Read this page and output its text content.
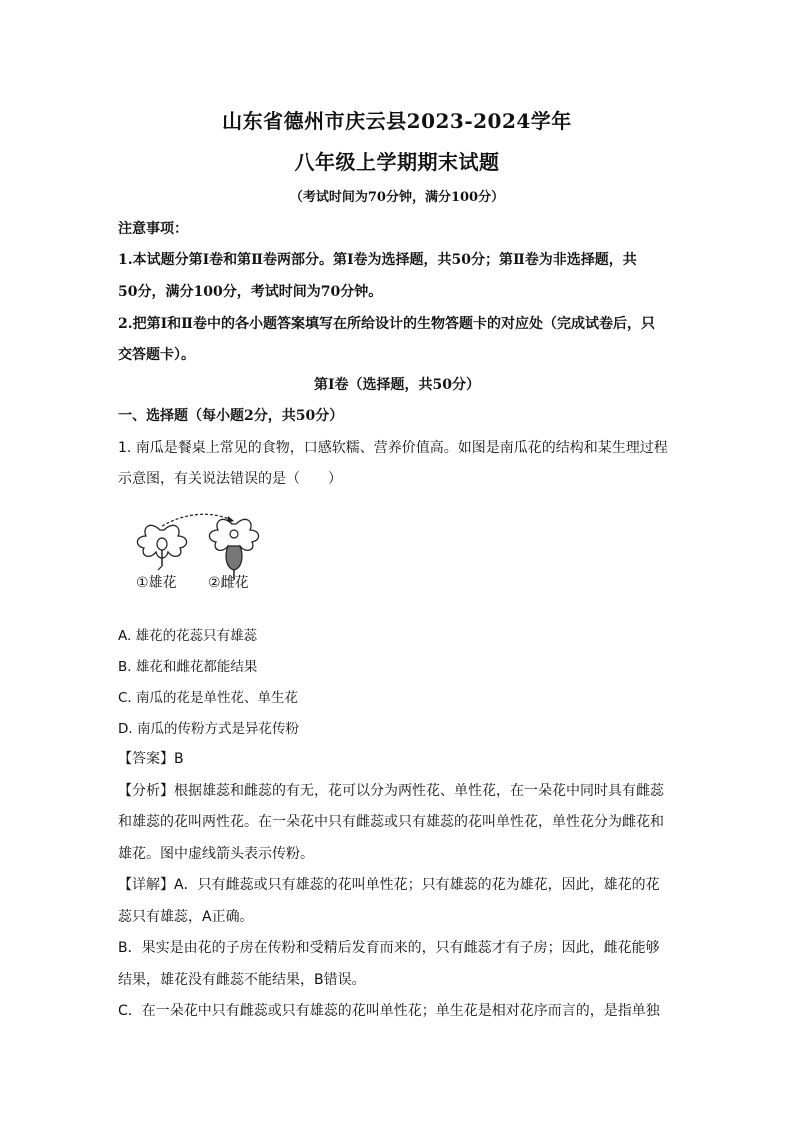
山东省德州市庆云县2023-2024学年
八年级上学期期末试题
（考试时间为70分钟，满分100分）
注意事项：
1.本试题分第Ⅰ卷和第Ⅱ卷两部分。第Ⅰ卷为选择题，共50分；第Ⅱ卷为非选择题，共
50分，满分100分，考试时间为70分钟。
2.把第Ⅰ和Ⅱ卷中的各小题答案填写在所给设计的生物答题卡的对应处（完成试卷后，只
交答题卡）。
第Ⅰ卷（选择题，共50分）
一、选择题（每小题2分，共50分）
1. 南瓜是餐桌上常见的食物，口感软糯、营养价值高。如图是南瓜花的结构和某生理过程
示意图，有关说法错误的是（　　）
①雄花 ②雌花
A. 雄花的花蕊只有雄蕊
B. 雄花和雌花都能结果
C. 南瓜的花是单性花、单生花
D. 南瓜的传粉方式是异花传粉
【答案】B
【分析】根据雄蕊和雌蕊的有无，花可以分为两性花、单性花，在一朵花中同时具有雌蕊
和雄蕊的花叫两性花。在一朵花中只有雌蕊或只有雄蕊的花叫单性花，单性花分为雌花和
雄花。图中虚线箭头表示传粉。
【详解】A．只有雌蕊或只有雄蕊的花叫单性花；只有雄蕊的花为雄花，因此，雄花的花
蕊只有雄蕊，A正确。
B．果实是由花的子房在传粉和受精后发育而来的，只有雌蕊才有子房；因此，雌花能够
结果，雄花没有雌蕊不能结果，B错误。
C．在一朵花中只有雌蕊或只有雄蕊的花叫单性花；单生花是相对花序而言的，是指单独
